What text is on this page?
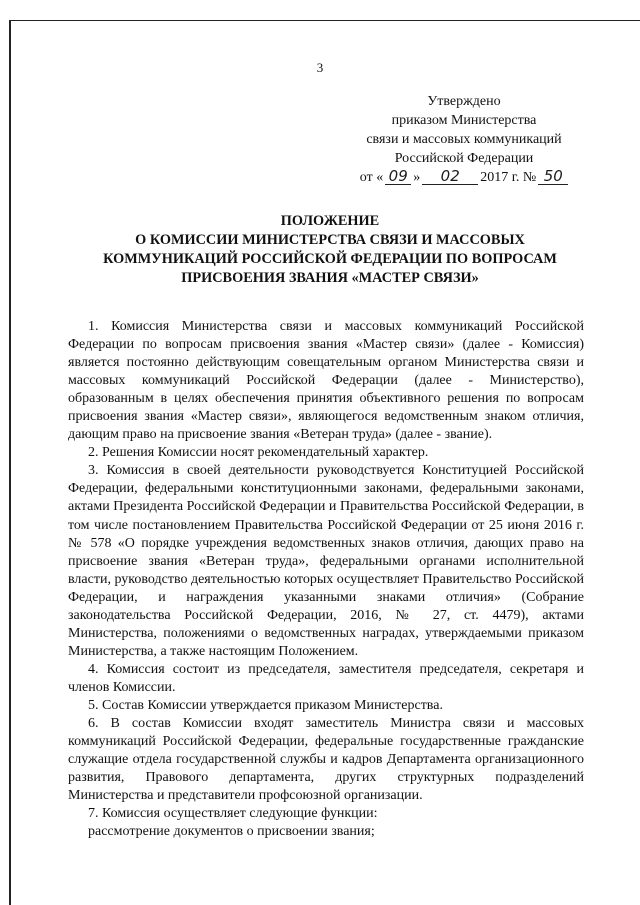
3
Утверждено
приказом Министерства
связи и массовых коммуникаций
Российской Федерации
от « 09 »	02	2017 г. № 50
ПОЛОЖЕНИЕ
О КОМИССИИ МИНИСТЕРСТВА СВЯЗИ И МАССОВЫХ
КОММУНИКАЦИЙ РОССИЙСКОЙ ФЕДЕРАЦИИ ПО ВОПРОСАМ
ПРИСВОЕНИЯ ЗВАНИЯ «МАСТЕР СВЯЗИ»

1. Комиссия Министерства связи и массовых коммуникаций Российской Федерации по вопросам присвоения звания «Мастер связи» (далее - Комиссия) является постоянно действующим совещательным органом Министерства связи и массовых коммуникаций Российской Федерации (далее - Министерство), образованным в целях обеспечения принятия объективного решения по вопросам присвоения звания «Мастер связи», являющегося ведомственным знаком отличия, дающим право на присвоение звания «Ветеран труда» (далее - звание).

2. Решения Комиссии носят рекомендательный характер.

3. Комиссия в своей деятельности руководствуется Конституцией Российской Федерации, федеральными конституционными законами, федеральными законами, актами Президента Российской Федерации и Правительства Российской Федерации, в том числе постановлением Правительства Российской Федерации от 25 июня 2016 г. № 578 «О порядке учреждения ведомственных знаков отличия, дающих право на присвоение звания «Ветеран труда», федеральными органами исполнительной власти, руководство деятельностью которых осуществляет Правительство Российской Федерации, и награждения указанными знаками отличия» (Собрание законодательства Российской Федерации, 2016, № 27, ст. 4479), актами Министерства, положениями о ведомственных наградах, утверждаемыми приказом Министерства, а также настоящим Положением.

4. Комиссия состоит из председателя, заместителя председателя, секретаря и членов Комиссии.

5. Состав Комиссии утверждается приказом Министерства.

6. В состав Комиссии входят заместитель Министра связи и массовых коммуникаций Российской Федерации, федеральные государственные гражданские служащие отдела государственной службы и кадров Департамента организационного развития, Правового департамента, других структурных подразделений Министерства и представители профсоюзной организации.

7. Комиссия осуществляет следующие функции:

рассмотрение документов о присвоении звания;
